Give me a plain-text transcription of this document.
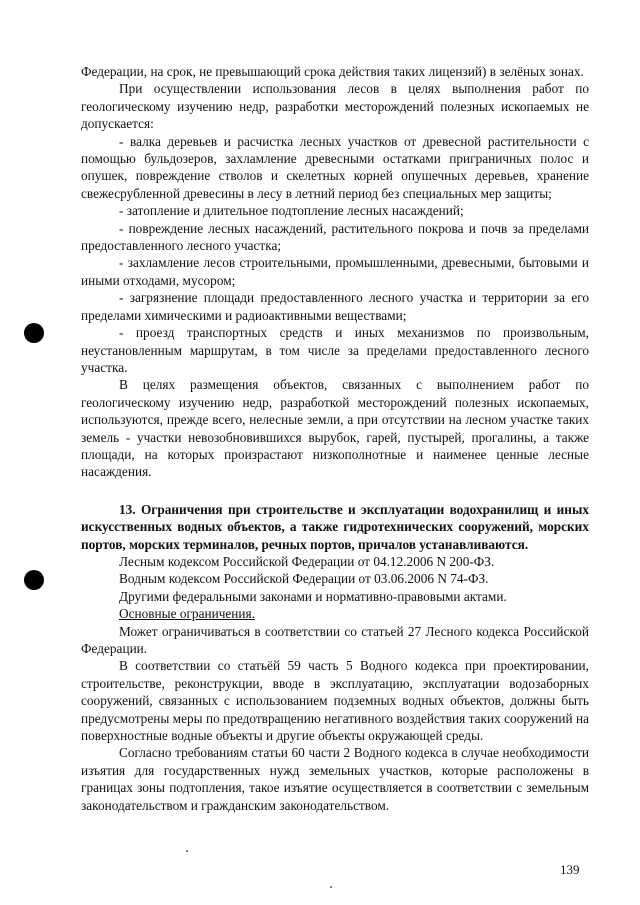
Федерации, на срок, не превышающий срока действия таких лицензий) в зелёных зонах.

При осуществлении использования лесов в целях выполнения работ по геологическому изучению недр, разработки месторождений полезных ископаемых не допускается:

- валка деревьев и расчистка лесных участков от древесной растительности с помощью бульдозеров, захламление древесными остатками приграничных полос и опушек, повреждение стволов и скелетных корней опушечных деревьев, хранение свежесрубленной древесины в лесу в летний период без специальных мер защиты;

- затопление и длительное подтопление лесных насаждений;

- повреждение лесных насаждений, растительного покрова и почв за пределами предоставленного лесного участка;

- захламление лесов строительными, промышленными, древесными, бытовыми и иными отходами, мусором;

- загрязнение площади предоставленного лесного участка и территории за его пределами химическими и радиоактивными веществами;

- проезд транспортных средств и иных механизмов по произвольным, неустановленным маршрутам, в том числе за пределами предоставленного лесного участка.

В целях размещения объектов, связанных с выполнением работ по геологическому изучению недр, разработкой месторождений полезных ископаемых, используются, прежде всего, нелесные земли, а при отсутствии на лесном участке таких земель - участки невозобновившихся вырубок, гарей, пустырей, прогалины, а также площади, на которых произрастают низкополнотные и наименее ценные лесные насаждения.

13. Ограничения при строительстве и эксплуатации водохранилищ и иных искусственных водных объектов, а также гидротехнических сооружений, морских портов, морских терминалов, речных портов, причалов устанавливаются.

Лесным кодексом Российской Федерации от 04.12.2006 N 200-ФЗ.

Водным кодексом Российской Федерации от 03.06.2006 N 74-ФЗ.

Другими федеральными законами и нормативно-правовыми актами.

Основные ограничения.

Может ограничиваться в соответствии со статьей 27 Лесного кодекса Российской Федерации.

В соответствии со статьёй 59 часть 5 Водного кодекса при проектировании, строительстве, реконструкции, вводе в эксплуатацию, эксплуатации водозаборных сооружений, связанных с использованием подземных водных объектов, должны быть предусмотрены меры по предотвращению негативного воздействия таких сооружений на поверхностные водные объекты и другие объекты окружающей среды.

Согласно требованиям статьи 60 части 2 Водного кодекса в случае необходимости изъятия для государственных нужд земельных участков, которые расположены в границах зоны подтопления, такое изъятие осуществляется в соответствии с земельным законодательством и гражданским законодательством.

139
